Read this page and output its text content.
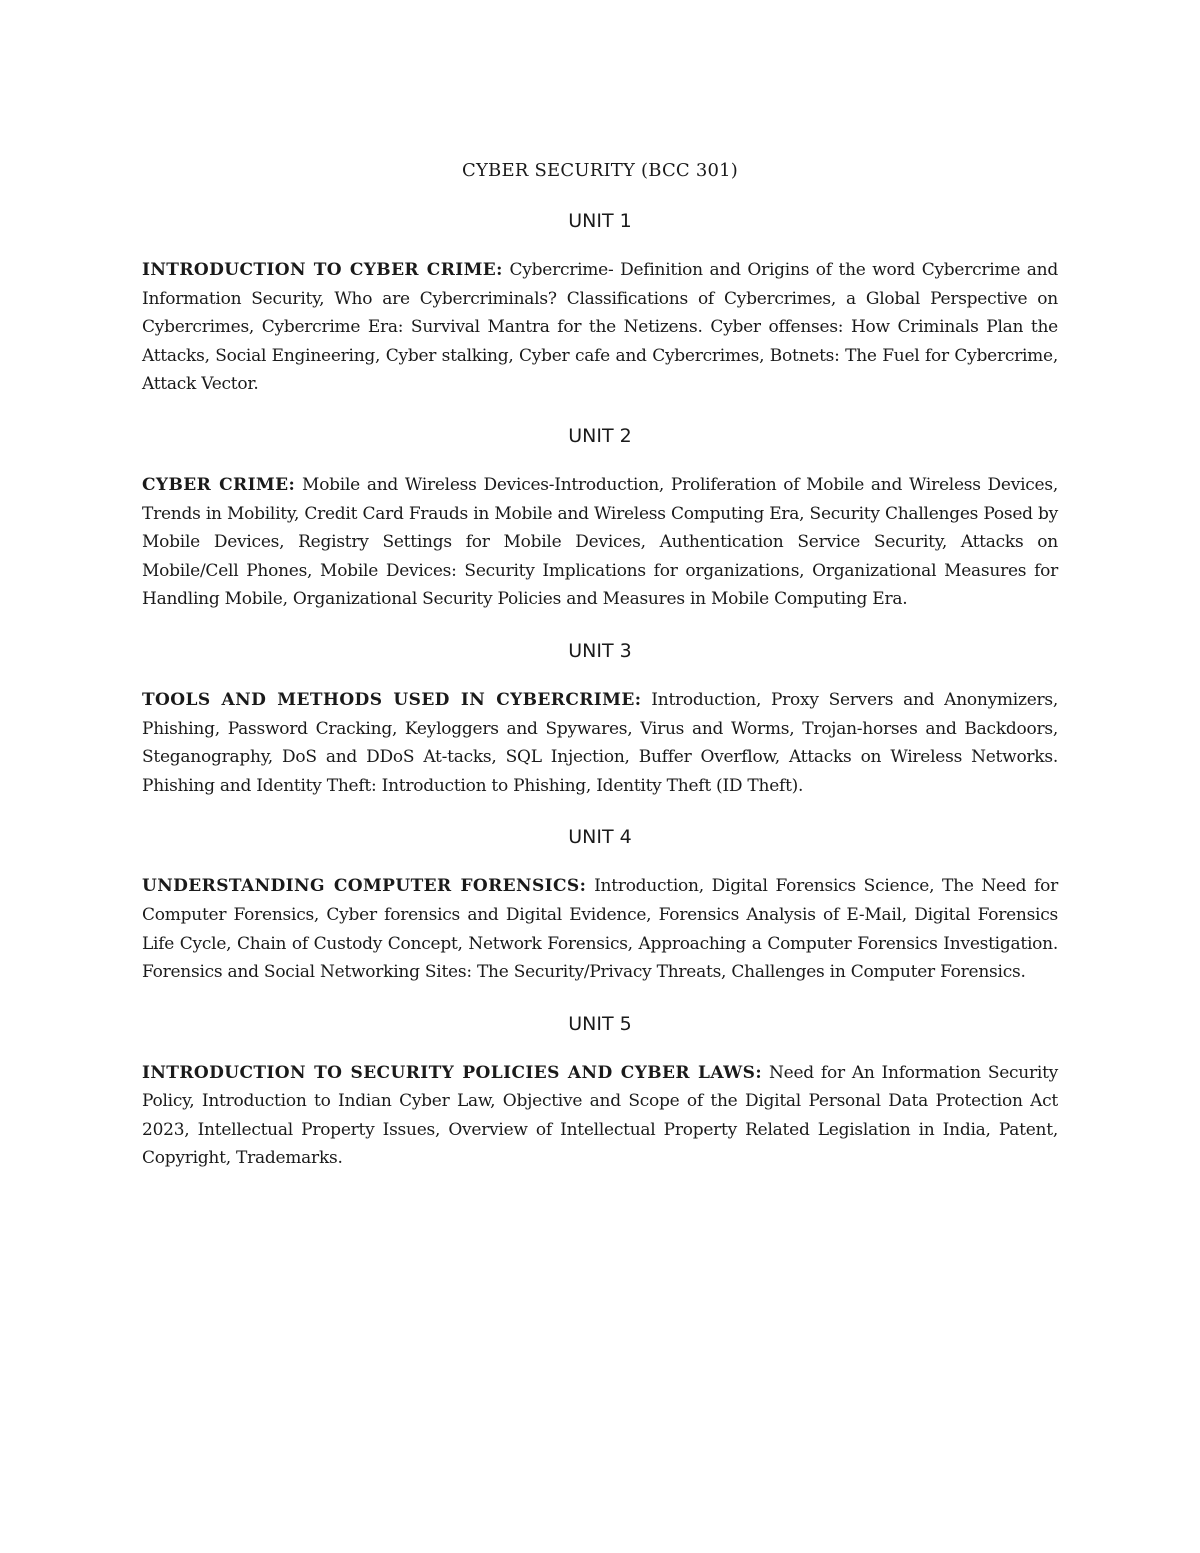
CYBER SECURITY (BCC 301)
UNIT 1

INTRODUCTION TO CYBER CRIME: Cybercrime- Definition and Origins of the word Cybercrime and Information Security, Who are Cybercriminals? Classifications of Cybercrimes, a Global Perspective on Cybercrimes, Cybercrime Era: Survival Mantra for the Netizens. Cyber offenses: How Criminals Plan the Attacks, Social Engineering, Cyber stalking, Cyber cafe and Cybercrimes, Botnets: The Fuel for Cybercrime, Attack Vector.

UNIT 2

CYBER CRIME: Mobile and Wireless Devices-Introduction, Proliferation of Mobile and Wireless Devices, Trends in Mobility, Credit Card Frauds in Mobile and Wireless Computing Era, Security Challenges Posed by Mobile Devices, Registry Settings for Mobile Devices, Authentication Service Security, Attacks on Mobile/Cell Phones, Mobile Devices: Security Implications for organizations, Organizational Measures for Handling Mobile, Organizational Security Policies and Measures in Mobile Computing Era.

UNIT 3

TOOLS AND METHODS USED IN CYBERCRIME: Introduction, Proxy Servers and Anonymizers, Phishing, Password Cracking, Keyloggers and Spywares, Virus and Worms, Trojan-horses and Backdoors, Steganography, DoS and DDoS At-tacks, SQL Injection, Buffer Overflow, Attacks on Wireless Networks. Phishing and Identity Theft: Introduction to Phishing, Identity Theft (ID Theft).

UNIT 4

UNDERSTANDING COMPUTER FORENSICS: Introduction, Digital Forensics Science, The Need for Computer Forensics, Cyber forensics and Digital Evidence, Forensics Analysis of E-Mail, Digital Forensics Life Cycle, Chain of Custody Concept, Network Forensics, Approaching a Computer Forensics Investigation. Forensics and Social Networking Sites: The Security/Privacy Threats, Challenges in Computer Forensics.

UNIT 5

INTRODUCTION TO SECURITY POLICIES AND CYBER LAWS: Need for An Information Security Policy, Introduction to Indian Cyber Law, Objective and Scope of the Digital Personal Data Protection Act 2023, Intellectual Property Issues, Overview of Intellectual Property Related Legislation in India, Patent, Copyright, Trademarks.
